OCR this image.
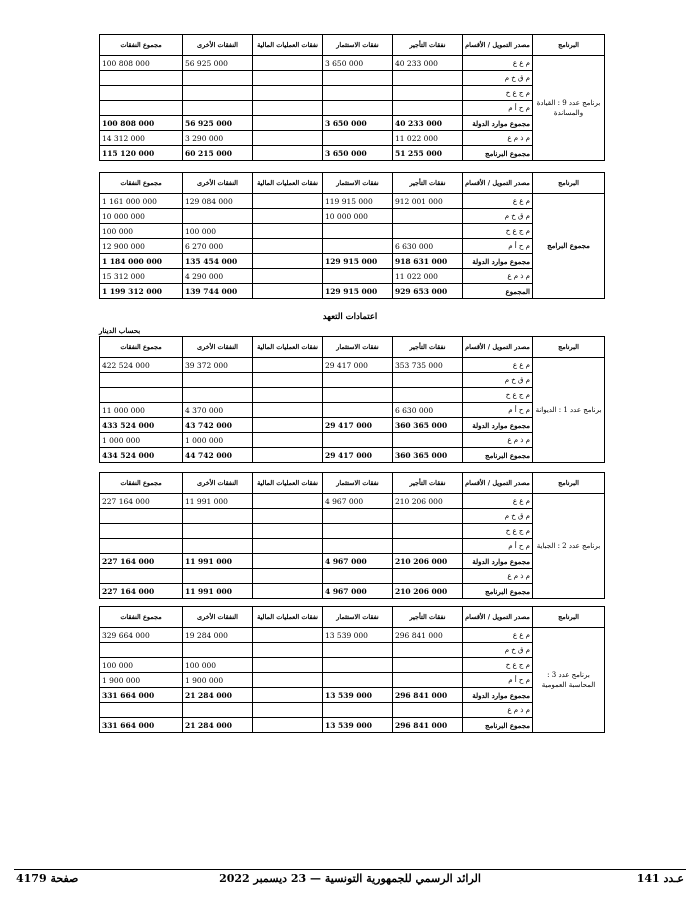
البرنامج	مصدر التمويل / الأقسام	نفقات التأجير	نفقات الاستثمار	نفقات العمليات المالية	النفقات الأخرى	مجموع النفقات
برنامج عدد 9 : القيادة والمساندة	م ع ع	40 233 000	3 650 000		56 925 000	100 808 000
	م ق خ م					
	م ج ع خ					
	م ح أ م					
	مجموع موارد الدولة	40 233 000	3 650 000		56 925 000	100 808 000
	م ذ م ع	11 022 000			3 290 000	14 312 000
	مجموع البرنامج	51 255 000	3 650 000		60 215 000	115 120 000
البرنامج	مصدر التمويل / الأقسام	نفقات التأجير	نفقات الاستثمار	نفقات العمليات المالية	النفقات الأخرى	مجموع النفقات
مجموع البرامج	م ع ع	912 001 000	119 915 000		129 084 000	1 161 000 000
	م ق خ م		10 000 000			10 000 000
	م ج ع خ				100 000	100 000
	م ح أ م	6 630 000			6 270 000	12 900 000
	مجموع موارد الدولة	918 631 000	129 915 000		135 454 000	1 184 000 000
	م ذ م ع	11 022 000			4 290 000	15 312 000
	المجموع	929 653 000	129 915 000		139 744 000	1 199 312 000
اعتمادات التعهد
بحساب الدينار
البرنامج	مصدر التمويل / الأقسام	نفقات التأجير	نفقات الاستثمار	نفقات العمليات المالية	النفقات الأخرى	مجموع النفقات
برنامج عدد 1 : الديوانة	م ع ع	353 735 000	29 417 000		39 372 000	422 524 000
	م ق خ م					
	م ج ع خ					
	م ح أ م	6 630 000			4 370 000	11 000 000
	مجموع موارد الدولة	360 365 000	29 417 000		43 742 000	433 524 000
	م ذ م ع				1 000 000	1 000 000
	مجموع البرنامج	360 365 000	29 417 000		44 742 000	434 524 000
البرنامج	مصدر التمويل / الأقسام	نفقات التأجير	نفقات الاستثمار	نفقات العمليات المالية	النفقات الأخرى	مجموع النفقات
برنامج عدد 2 : الجباية	م ع ع	210 206 000	4 967 000		11 991 000	227 164 000
	م ق خ م					
	م ج ع خ					
	م ح أ م					
	مجموع موارد الدولة	210 206 000	4 967 000		11 991 000	227 164 000
	م ذ م ع					
	مجموع البرنامج	210 206 000	4 967 000		11 991 000	227 164 000
البرنامج	مصدر التمويل / الأقسام	نفقات التأجير	نفقات الاستثمار	نفقات العمليات المالية	النفقات الأخرى	مجموع النفقات
برنامج عدد 3 : المحاسبة العمومية	م ع ع	296 841 000	13 539 000		19 284 000	329 664 000
	م ق خ م					
	م ج ع خ				100 000	100 000
	م ح أ م				1 900 000	1 900 000
	مجموع موارد الدولة	296 841 000	13 539 000		21 284 000	331 664 000
	م ذ م ع					
	مجموع البرنامج	296 841 000	13 539 000		21 284 000	331 664 000
الرائد الرسمي للجمهورية التونسية — 23 ديسمبر 2022	عـدد 141
صفحة 4179
